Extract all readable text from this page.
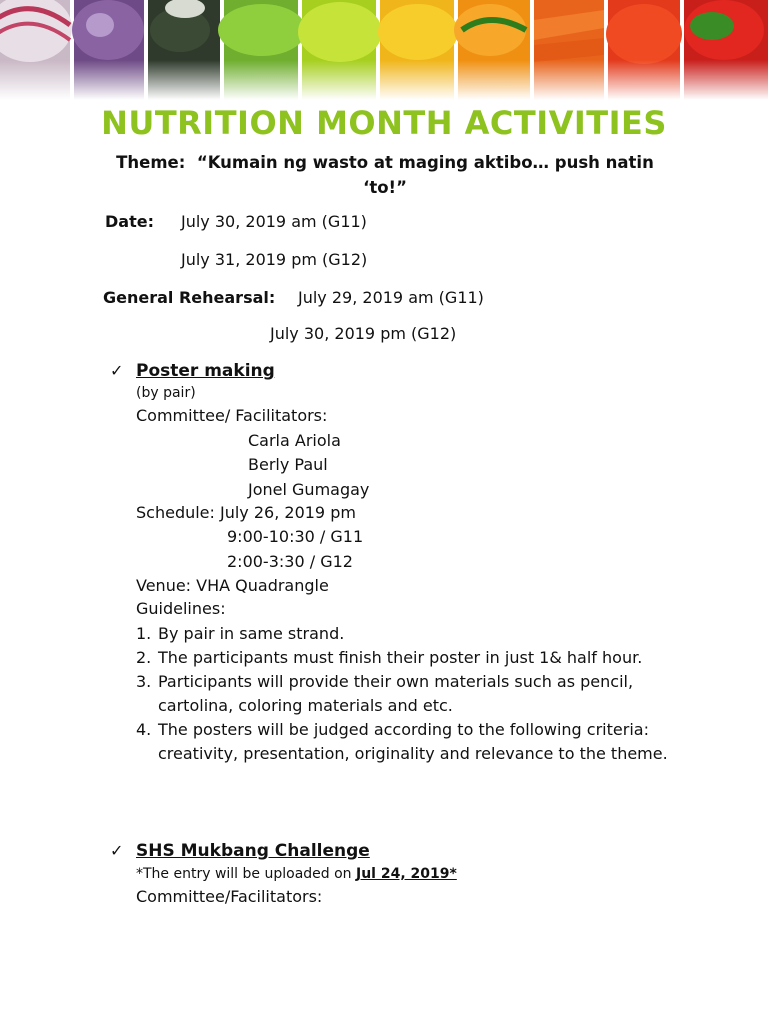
NUTRITION MONTH ACTIVITIES
Theme: “Kumain ng wasto at maging aktibo… push natin ‘to!”
Date: July 30, 2019 am (G11)
July 31, 2019 pm (G12)
General Rehearsal: July 29, 2019 am (G11)
July 30, 2019 pm (G12)
✓ Poster making
(by pair)
Committee/ Facilitators:
Carla Ariola
Berly Paul
Jonel Gumagay
Schedule: July 26, 2019 pm
9:00-10:30 / G11
2:00-3:30 / G12
Venue: VHA Quadrangle
Guidelines:
1. By pair in same strand.
2. The participants must finish their poster in just 1& half hour.
3. Participants will provide their own materials such as pencil, cartolina, coloring materials and etc.
4. The posters will be judged according to the following criteria: creativity, presentation, originality and relevance to the theme.
✓ SHS Mukbang Challenge
*The entry will be uploaded on Jul 24, 2019*
Committee/Facilitators:
